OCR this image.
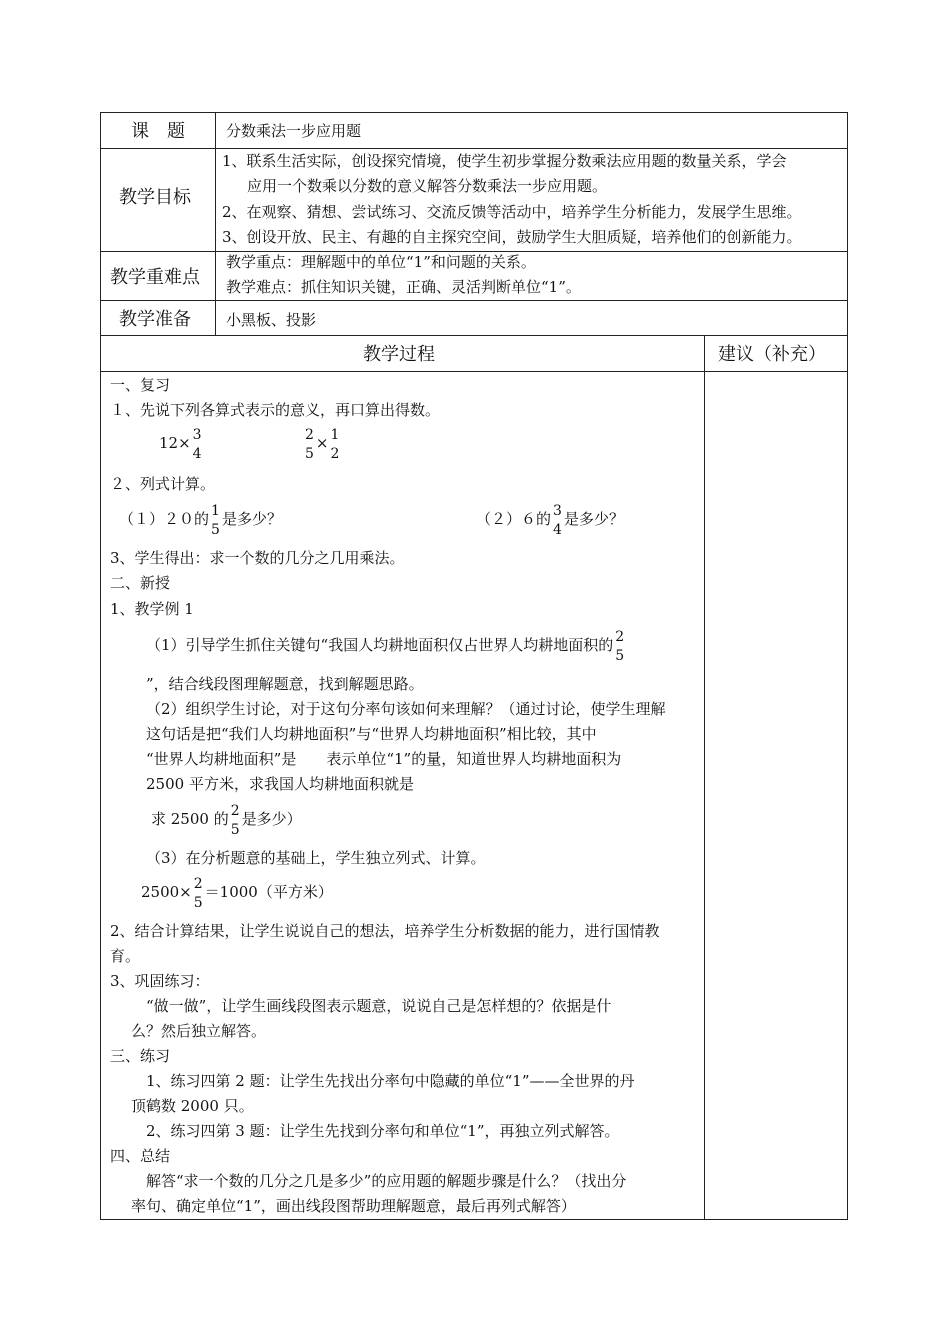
课　题	分数乘法一步应用题
教学目标
1、联系生活实际，创设探究情境，使学生初步掌握分数乘法应用题的数量关系，学会
应用一个数乘以分数的意义解答分数乘法一步应用题。
2、在观察、猜想、尝试练习、交流反馈等活动中，培养学生分析能力，发展学生思维。
3、创设开放、民主、有趣的自主探究空间，鼓励学生大胆质疑，培养他们的创新能力。
教学重难点
教学重点：理解题中的单位“1”和问题的关系。
教学难点：抓住知识关键，正确、灵活判断单位“1”。
教学准备 小黑板、投影
教学过程	建议（补充）
一、复习
１、先说下列各算式表示的意义，再口算出得数。
12× 3
4
2
5
× 1
2
２、列式计算。
（１）２０的 1
5
是多少？	（２）６的 3
4
是多少？
3、学生得出：求一个数的几分之几用乘法。
二、新授
1、教学例 1
（1）引导学生抓住关键句“我国人均耕地面积仅占世界人均耕地面积的 2
5
”，结合线段图理解题意，找到解题思路。
（2）组织学生讨论，对于这句分率句该如何来理解？（通过讨论，使学生理解
这句话是把“我们人均耕地面积”与“世界人均耕地面积”相比较，其中
“世界人均耕地面积”是　　表示单位“1”的量，知道世界人均耕地面积为
2500 平方米，求我国人均耕地面积就是
求 2500 的 2
5
是多少）
（3）在分析题意的基础上，学生独立列式、计算。
2500× 2
5
＝1000（平方米）
2、结合计算结果，让学生说说自己的想法，培养学生分析数据的能力，进行国情教
育。
3、巩固练习：
“做一做”，让学生画线段图表示题意，说说自己是怎样想的？依据是什
么？然后独立解答。
三、练习
1、练习四第 2 题：让学生先找出分率句中隐藏的单位“1”——全世界的丹
顶鹤数 2000 只。
2、练习四第 3 题：让学生先找到分率句和单位“1”，再独立列式解答。
四、总结
解答“求一个数的几分之几是多少”的应用题的解题步骤是什么？（找出分
率句、确定单位“1”，画出线段图帮助理解题意，最后再列式解答）
